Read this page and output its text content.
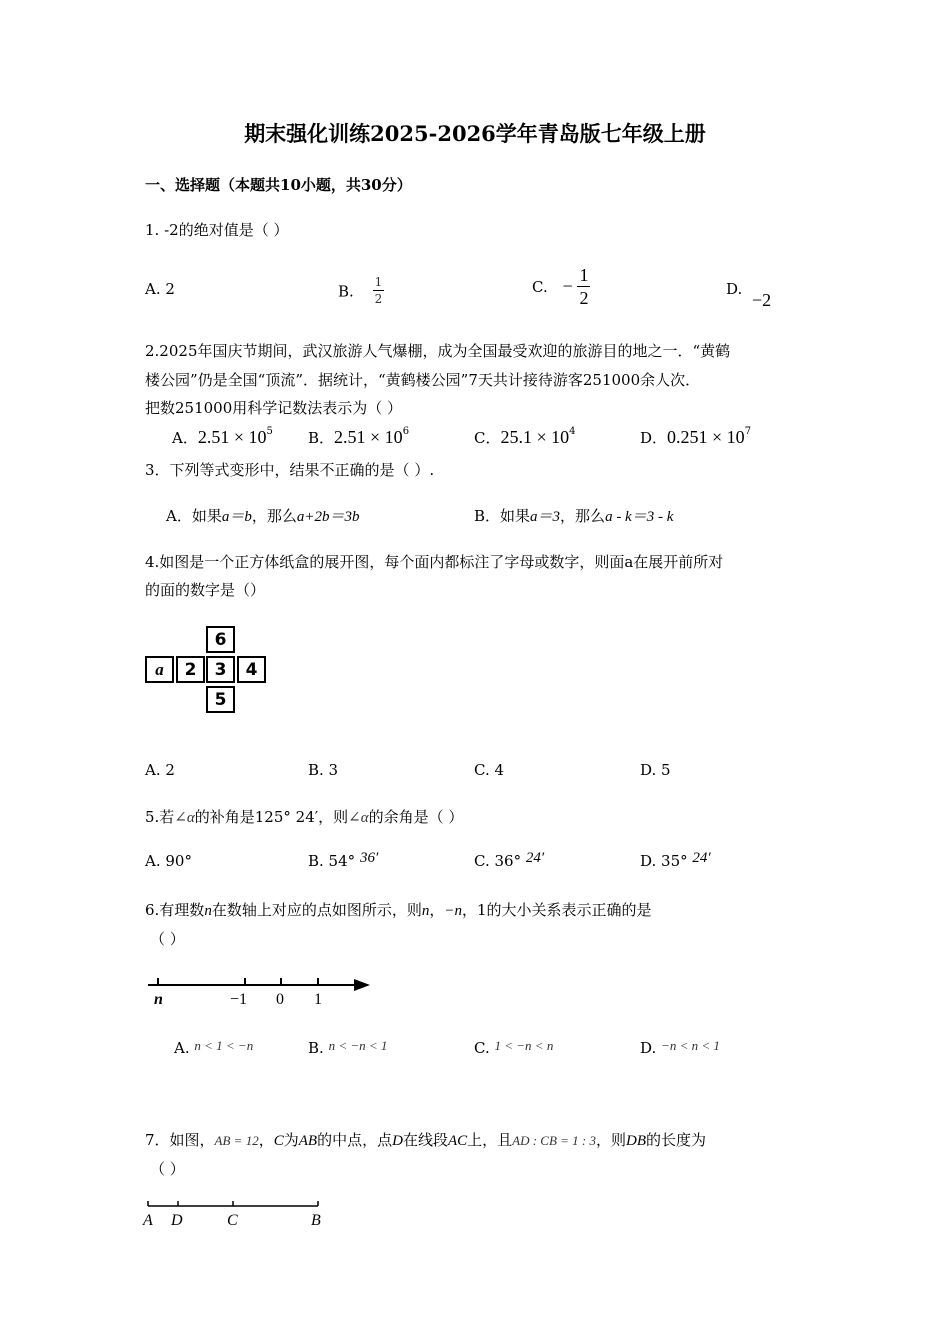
期末强化训练2025-2026学年青岛版七年级上册
一、选择题（本题共10小题，共30分）
1. -2的绝对值是（ ）
A. 2	B. $\frac{1}{2}$	C. − $\frac{1}{2}$	D.
−2
2.2025年国庆节期间，武汉旅游人气爆棚，成为全国最受欢迎的旅游目的地之一．“黄鹤
楼公园”仍是全国“顶流”．据统计，“黄鹤楼公园”7天共计接待游客251000余人次．
把数251000用科学记数法表示为（ ）
A．$2.51 \times 10^5$ B．$2.51 \times 10^6$	C．$25.1 \times 10^4$	D．$0.251 \times 10^7$
3．下列等式变形中，结果不正确的是（ ）.
A．如果a＝b，那么a+2b＝3b	B．如果a＝3，那么a - k＝3 - k
4.如图是一个正方体纸盒的展开图，每个面内都标注了字母或数字，则面a在展开前所对
的面的数字是（）
6
a	2	3	4
5
A. 2	B. 3	C. 4	D. 5
5.若∠α的补角是125° 24′，则∠α的余角是（ ）
A. 90°	B. 54° 36′	C. 36° 24′	D. 35° 24′
6.有理数n在数轴上对应的点如图所示，则n，−n，1的大小关系表示正确的是
（ ）
n	−1 0 1
A. n < 1 < −n	B. n < −n < 1	C. 1 < −n < n	D. −n < n < 1
7．如图，AB = 12，C为AB的中点，点D在线段AC上，且AD : CB = 1 : 3，则DB的长度为
（ ）
A D	C	B
